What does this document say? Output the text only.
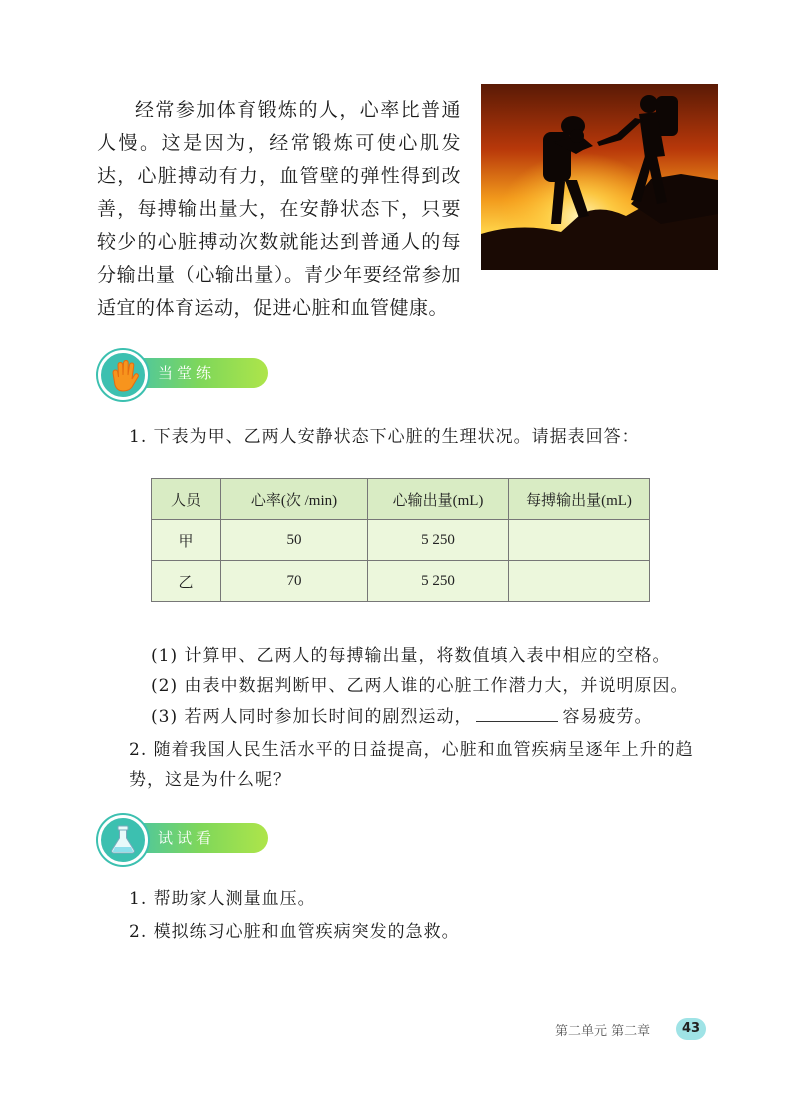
经常参加体育锻炼的人，心率比普通人慢。这是因为，经常锻炼可使心肌发达，心脏搏动有力，血管壁的弹性得到改善，每搏输出量大，在安静状态下，只要较少的心脏搏动次数就能达到普通人的每分输出量（心输出量）。青少年要经常参加适宜的体育运动，促进心脏和血管健康。

当堂练
1. 下表为甲、乙两人安静状态下心脏的生理状况。请据表回答：
人员	心率(次 /min)	心输出量(mL)	每搏输出量(mL)
甲	50	5 250	
乙	70	5 250	
(1) 计算甲、乙两人的每搏输出量，将数值填入表中相应的空格。
(2) 由表中数据判断甲、乙两人谁的心脏工作潜力大，并说明原因。
(3) 若两人同时参加长时间的剧烈运动，	容易疲劳。
2. 随着我国人民生活水平的日益提高，心脏和血管疾病呈逐年上升的趋势，这是为什么呢？
试试看
1. 帮助家人测量血压。
2. 模拟练习心脏和血管疾病突发的急救。
第二单元 第二章	43
